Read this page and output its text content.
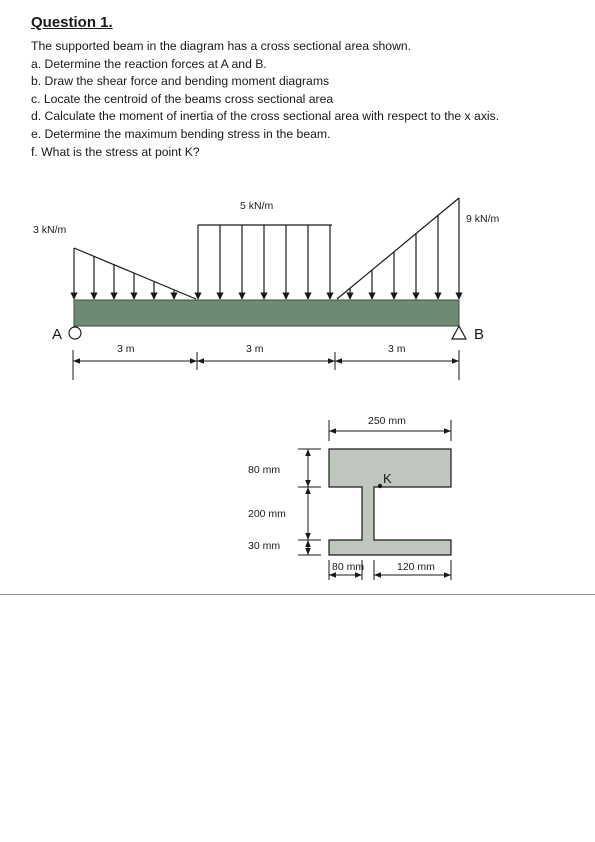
Question 1.
The supported beam in the diagram has a cross sectional area shown.
a. Determine the reaction forces at A and B.
b. Draw the shear force and bending moment diagrams
c. Locate the centroid of the beams cross sectional area
d. Calculate the moment of inertia of the cross sectional area with respect to the x axis.
e. Determine the maximum bending stress in the beam.
f. What is the stress at point K?
3 kN/m
5 kN/m
9 kN/m
A	B
3 m	3 m	3 m
K
250 mm
80 mm
200 mm
30 mm
80 mm	120 mm
